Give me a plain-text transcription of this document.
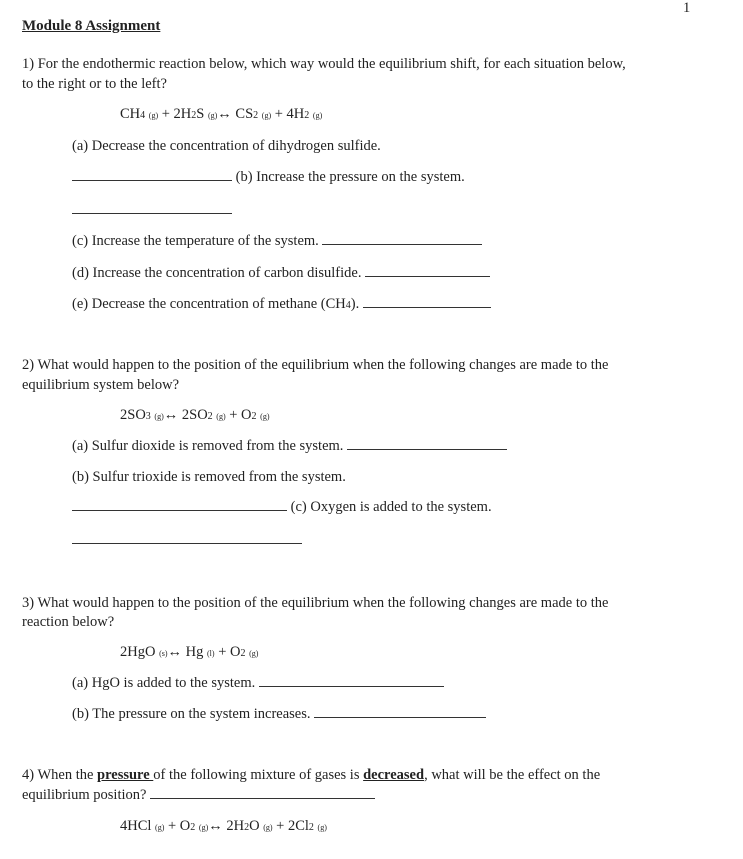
1
Module 8 Assignment
1) For the endothermic reaction below, which way would the equilibrium shift, for each situation below,
to the right or to the left?
CH4 (g) + 2H2S (g)↔ CS2 (g) + 4H2 (g)
(a) Decrease the concentration of dihydrogen sulfide.
(b) Increase the pressure on the system.
(c) Increase the temperature of the system.
(d) Increase the concentration of carbon disulfide.
(e) Decrease the concentration of methane (CH4).
2) What would happen to the position of the equilibrium when the following changes are made to the
equilibrium system below?
2SO3 (g)↔ 2SO2 (g) + O2 (g)
(a) Sulfur dioxide is removed from the system.
(b) Sulfur trioxide is removed from the system.
(c) Oxygen is added to the system.
3) What would happen to the position of the equilibrium when the following changes are made to the
reaction below?
2HgO (s)↔ Hg (l) + O2 (g)
(a) HgO is added to the system.
(b) The pressure on the system increases.
4) When the pressure of the following mixture of gases is decreased, what will be the effect on the
equilibrium position?
4HCl (g) + O2 (g)↔ 2H2O (g) + 2Cl2 (g)
